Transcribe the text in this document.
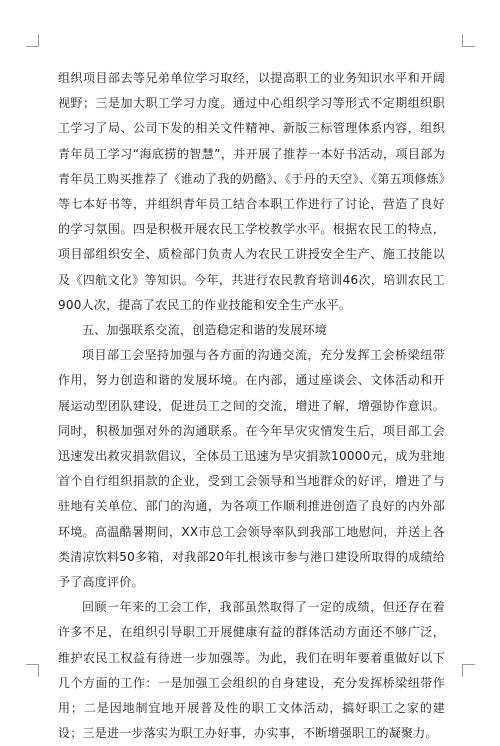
组织项目部去等兄弟单位学习取经，以提高职工的业务知识水平和开阔视野；三是加大职工学习力度。通过中心组织学习等形式不定期组织职工学习了局、公司下发的相关文件精神、新版三标管理体系内容，组织青年员工学习“海底捞的智慧”，并开展了推荐一本好书活动，项目部为青年员工购买推荐了《谁动了我的奶酪》、《于丹的天空》、《第五项修炼》等七本好书等，并组织青年员工结合本职工作进行了讨论，营造了良好的学习氛围。四是积极开展农民工学校教学水平。根据农民工的特点，项目部组织安全、质检部门负责人为农民工讲授安全生产、施工技能以及《四航文化》等知识。今年，共进行农民教育培训46次，培训农民工900人次，提高了农民工的作业技能和安全生产水平。

五、加强联系交流，创造稳定和谐的发展环境

项目部工会坚持加强与各方面的沟通交流，充分发挥工会桥梁纽带作用，努力创造和谐的发展环境。在内部，通过座谈会、文体活动和开展运动型团队建设，促进员工之间的交流，增进了解，增强协作意识。同时，积极加强对外的沟通联系。在今年旱灾灾情发生后，项目部工会迅速发出救灾捐款倡议，全体员工迅速为旱灾捐款10000元，成为驻地首个自行组织捐款的企业，受到工会领导和当地群众的好评，增进了与驻地有关单位、部门的沟通，为各项工作顺利推进创造了良好的内外部环境。高温酷暑期间，XX市总工会领导率队到我部工地慰问，并送上各类清凉饮料50多箱，对我部20年扎根该市参与港口建设所取得的成绩给予了高度评价。

回顾一年来的工会工作，我部虽然取得了一定的成绩，但还存在着许多不足，在组织引导职工开展健康有益的群体活动方面还不够广泛，维护农民工权益有待进一步加强等。为此，我们在明年要着重做好以下几个方面的工作：一是加强工会组织的自身建设，充分发挥桥梁纽带作用；二是因地制宜地开展普及性的职工文体活动，搞好职工之家的建设；三是进一步落实为职工办好事，办实事，不断增强职工的凝聚力。
